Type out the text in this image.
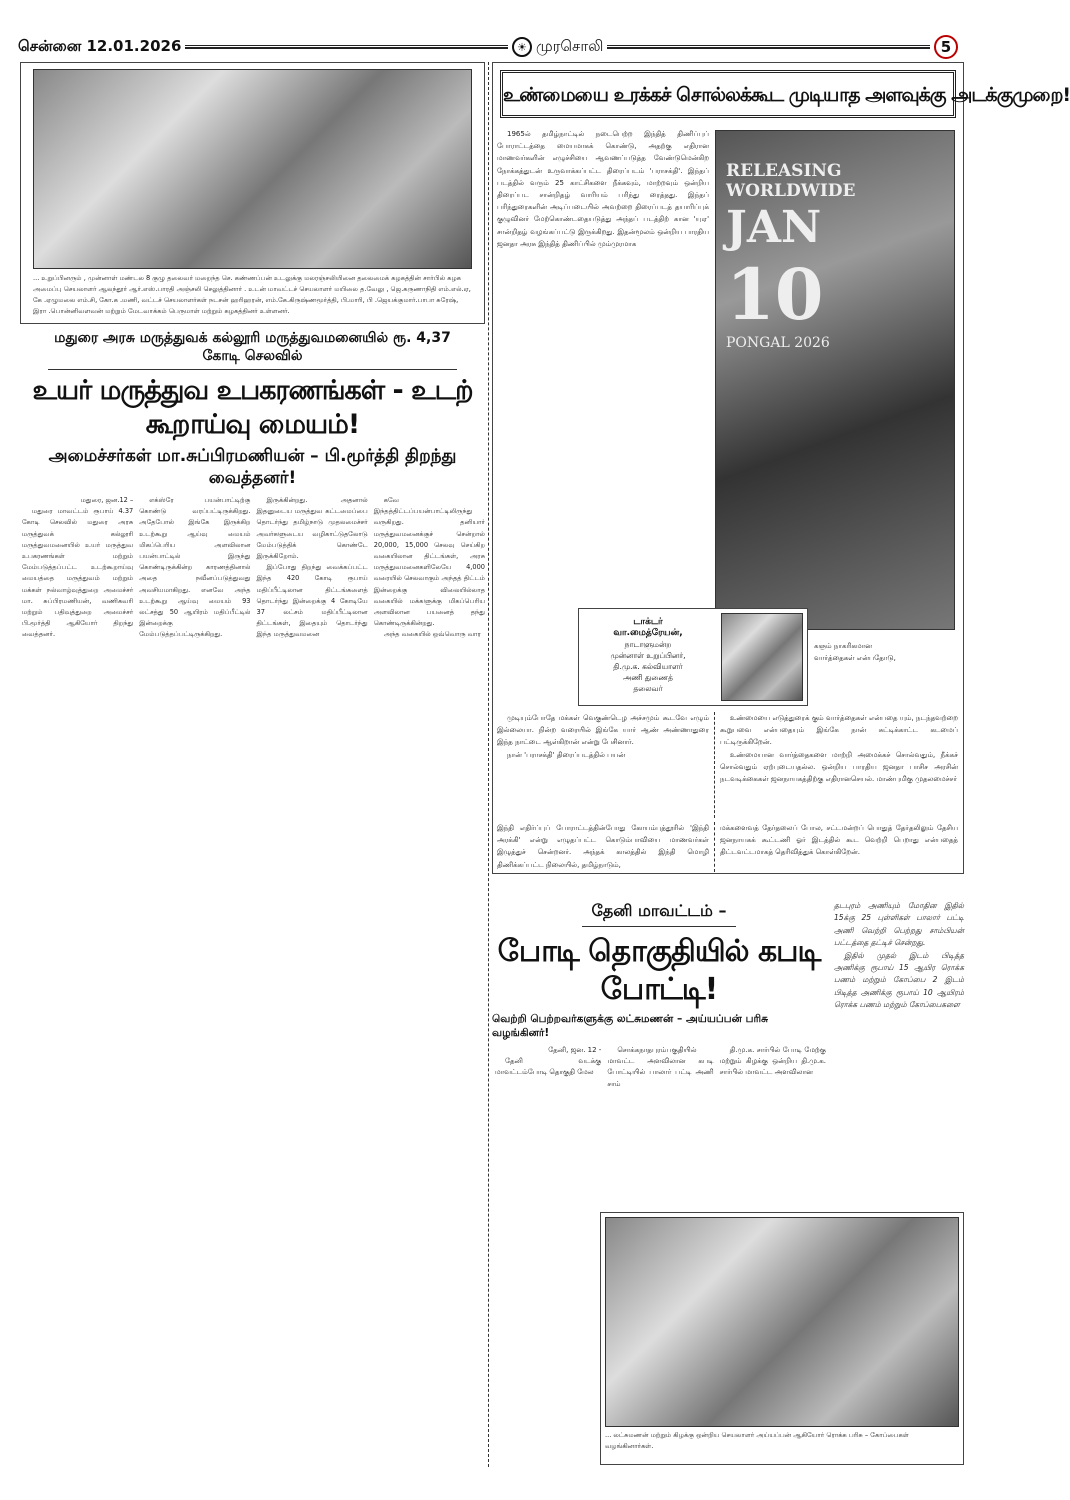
சென்னை 12.01.2026	☀ முரசொலி	5
... உறுப்பினரும் , முன்னாள் மண்டல 8 குழு தலைவர் மறைந்த செ. கண்ணப்பன் உடலுக்கு மலரஞ்சலியினை தலைமைக் கழகத்தின் சார்பில் கழக அமைப்பு செயலாளர் ஆலந்தூர் ஆர்.எஸ்.பாரதி அஞ்சலி செலுத்தினார் . உடன் மாவட்டச் செயலாளர் மயிலை த.வேலு , ஜெ.கருணாநிதி எம்.எல்.ஏ, கே .ஏழுமலை எம்.சி, கோ.க .மணி, வட்டச் செயலாளர்கள் நடசன் ஹரிஹரன், எம்.கே.கிருஷ்ணமூர்த்தி, பி.மாரி, பி .ஜெயக்குமார்.பாபா சுரேஷ், இரா .பொன்னிவளவன் மற்றும் மேடவாக்கம் பெருமாள் மற்றும் கழகத்தினர் உள்ளனர்.
மதுரை அரசு மருத்துவக் கல்லூரி மருத்துவமனையில் ரூ. 4,37 கோடி செலவில்
உயர் மருத்துவ உபகரணங்கள் - உடற் கூறாய்வு மையம்!
அமைச்சர்கள் மா.சுப்பிரமணியன் – பி.மூர்த்தி திறந்து வைத்தனர்!

மதுரை, ஜன.12 –

மதுரை மாவட்டம் ரூபாய் 4.37 கோடி செலவில் மதுரை அரசு மருத்துவக் கல்லூரி மருத்துவமனையில் உயர் மருத்துவ உபகரணங்கள் மற்றும் மேம்படுத்தப்பட்ட உடற்கூறாய்வு மையத்தை மருத்துவம் மற்றும் மக்கள் நல்வாழ்வுத்துறை அமைச்சர் மா. சுப்பிரமணியன், வணிகவரி மற்றும் பதிவுத்துறை அமைச்சர் பி.மூர்த்தி ஆகியோர் திறந்து வைத்தனர்.

எக்ஸ்ரே பயன்பாட்டிற்கு கொண்டு வரப்பட்டிருக்கிறது. அதேபோல் இங்கே இருக்கிற உடற்கூறு ஆய்வு மையம் மிகப்பெரிய அளவிலான பயன்பாட்டில் இருந்து கொண்டிருக்கின்ற காரணத்தினால் அதை நவீனப்படுத்துவது அவசியமாகிறது. எனவே அந்த உடற்கூறு ஆய்வு மையம் 93 லட்சத்து 50 ஆயிரம் மதிப்பீட்டில் இன்றைக்கு மேம்படுத்தப்பட்டிருக்கிறது.

இருக்கின்றது. அதனால் இதனுடைய மருத்துவ கட்டமைப்பை தொடர்ந்து தமிழ்நாடு முதலமைச்சர் அவர்களுடைய வழிகாட்டுதலோடு மேம்படுத்திக் கொண்டே இருக்கிறோம்.

இப்போது திறந்து வைக்கப்பட்ட இந்த 420 கோடி ரூபாய் மதிப்பீட்டிலான திட்டங்களைத் தொடர்ந்து இன்றைக்கு 4 கோடியே 37 லட்சம் மதிப்பீட்டிலான திட்டங்கள், இதையும் தொடர்ந்து இந்த மருத்துவமனை

கவே இந்தத்திட்டப்பயன்பாட்டிலிருந்து வருகிறது. தனியார் மருத்துவமனைக்குச் சென்றால் 20,000, 15,000 செலவு செய்கிற வகையிலான திட்டங்கள், அரசு மருத்துவமனைகளிலேயே 4,000 வரையில் செலவாகும் அந்தத் திட்டம் இன்றைக்கு விலையில்லாத வகையில் மக்களுக்கு மிகப்பெரிய அளவிலான பயனைத் தந்து கொண்டிருக்கின்றது.

அந்த வகையில் ஒவ்வொரு வார

உண்மையை உரக்கச் சொல்லக்கூட முடியாத அளவுக்கு அடக்குமுறை!

1965ல் தமிழ்நாட்டில் நடைபெற்ற இந்தித் திணிப்புப் போராட்டத்தை மையமாகக் கொண்டு, அதற்கு எதிரான மாணவர்களின் எழுச்சியை ஆவணப்படுத்த வேண்டுமென்கிற நோக்கத்துடன் உருவாக்கப்பட்ட திரைப்படம் 'பராசக்தி'. இந்தப் படத்தில் வரும் 25 காட்சிகளை நீக்கவும், மாற்றவும் ஒன்றிய திரைப்பட சான்றிதழ் வாரியம் பரிந்து ரைத்தது. இந்தப் பரிந்துரைகளின் அடிப்படையில் அவற்றை திரைப்படத் தயாரிப்புக் குழுவினர் மேற்கொண்டதையடுத்து அந்தப் படத்திற் கான 'யுஏ' சான்றிதழ் வழங்கப்பட்டு இருக்கிறது. இதன்மூலம் ஒன்றிய பாரதிய ஜனதா அரசு இந்தித் திணிப்பில் மும்முரமாக

RELEASING
WORLDWIDE
JAN
10
PONGAL 2026
டாக்டர்
வா.மைத்ரேயன்,
நாடாளுமன்ற
முன்னாள் உறுப்பினர்,
தி.மு.க. கல்வியாளர்
அணி துணைத்
தலைவர்
கஞம் நாகரிகமான
வார்த்தைகள் என்பதோடு,

முடியும்போதே மக்கள் வெகுண்டெழ அச்சமும் கூடவே எழும் இல்லையா. நின்ற வரையில் இங்கே யார் ஆண் அண்ணாதுரை இந்த நாட்டை ஆள்கிறான் என்று பேசினார்.

நான் 'பராசக்தி' திரைப்படத்தில் பயன்

உண்மையை எடுத்துரைக் கும் வார்த்தைகள் என்பதை யும், நடந்தவற்றை கூறுபவை என்பதையும் இங்கே நான் சுட்டிக்காட்ட கடமைப் பட்டிருக்கிறேன்.

உண்மையான வார்த்தைகளை மாற்றி அமைக்கச் சொல்வதும், நீக்கச் சொல்வதும் ஏற்புடையதல்ல. ஒன்றிய பாரதிய ஜனதா பாசிச அரசின் நடவடிக்கைகள் ஜனநாயகத்திற்கு எதிரானசெயல். மாண்புமிகு முதலமைச்சர்

இந்தி எதிர்ப்புப் போராட்டத்தின்போது கோயம்புத்தூரில் 'இந்தி அரக்கி' என்று எழுதப்பட்ட கொடும்பாவியை மாணவர்கள் இழுத்துச் சென்றனர். அந்தக் காலத்தில் இந்தி மொழி திணிக்கப்பட்ட நிலையில், தமிழ்நாடும்,

மக்களைவத் தேர்தலைப் போல, சட்டமன்றப் பொதுத் தேர்தலிலும் தேசிய ஜனநாயகக் கூட்டணி ஓர் இடத்தில் கூட வெற்றி பெறாது என்பதைத் திட்டவட்டமாகத் தெரிவித்துக் கொள்கிறேன்.

தேனி மாவட்டம் –
போடி தொகுதியில் கபடி போட்டி!
வெற்றி பெற்றவர்களுக்கு லட்சுமணன் – அய்யப்பன் பரிசு வழங்கினர்!

தேனி, ஜன. 12 -

தேனி வடக்கு மாவட்டம்போடி தொகுதி மேல

சொக்கநாதபுரம்பகுதியில் மாவட்ட அளவிலான கபடி போட்டியில் பாலார் பட்டி அணி சாம்

தி.மு.க. சார்பில் போடி மேற்கு மற்றும் கிழக்கு ஒன்றிய தி.மு.க. சார்பில் மாவட்ட அளவிலான

தடபுரம் அணியும் மோதின இதில் 15க்கு 25 புள்ளிகள் பாலார் பட்டி அணி வெற்றி பெற்றது சாம்பியன் பட்டத்தை தட்டிச் சென்றது.

இதில் முதல் இடம் பிடித்த அணிக்கு ரூபாய் 15 ஆயிர ரொக்க பணம் மற்றும் கோப்பை 2 இடம் பிடித்த அணிக்கு ரூபாய் 10 ஆயிரம் ரொக்க பணம் மற்றும் கோப்பைகளை

... லட்சுமணன் மற்றும் கிழக்கு ஒன்றிய செயலாளர் அய்யப்பன் ஆகியோர் ரொக்க பரிசு – கோப்பைகள் வழங்கினார்கள்.
